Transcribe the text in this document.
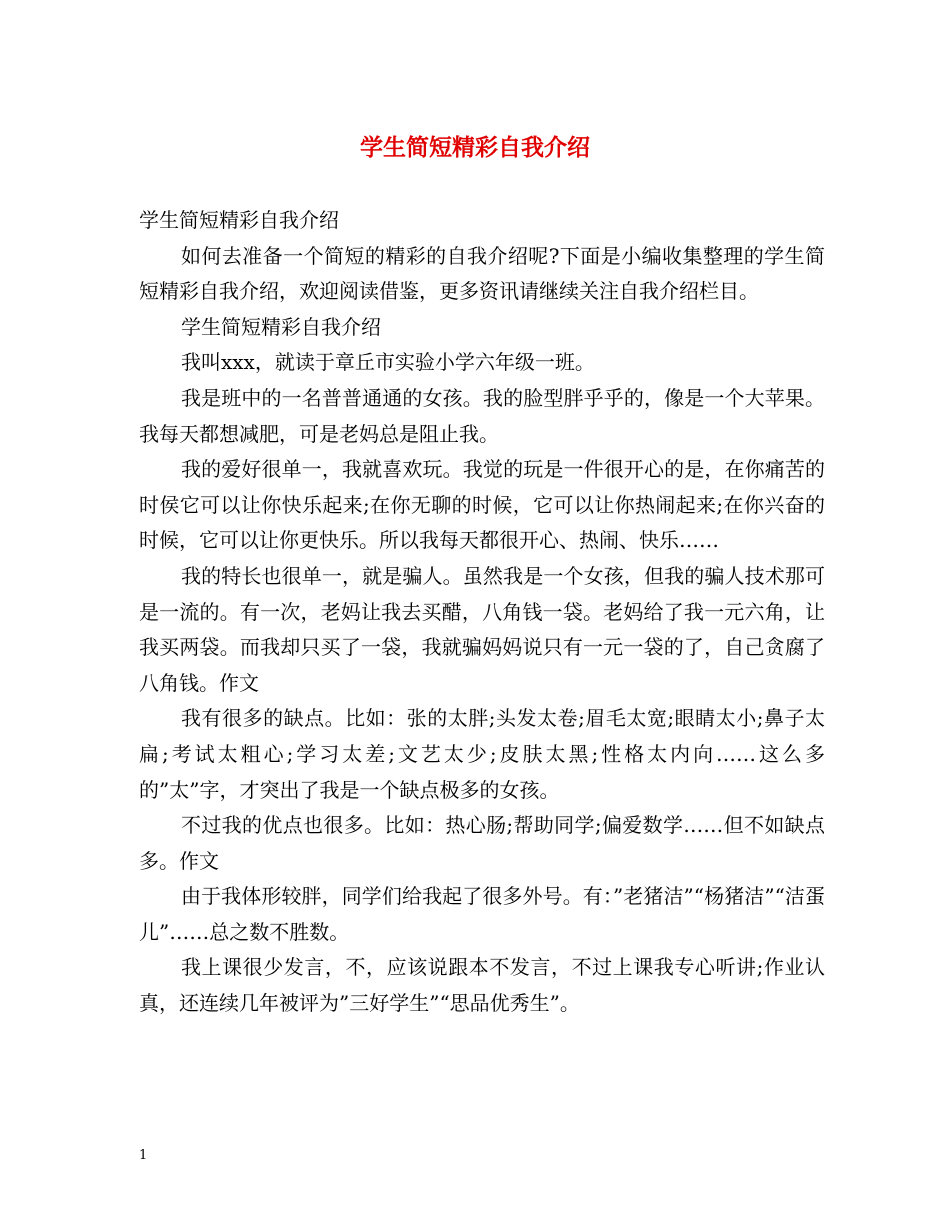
学生简短精彩自我介绍

学生简短精彩自我介绍

如何去准备一个简短的精彩的自我介绍呢?下面是小编收集整理的学生简短精彩自我介绍，欢迎阅读借鉴，更多资讯请继续关注自我介绍栏目。

学生简短精彩自我介绍

我叫xxx，就读于章丘市实验小学六年级一班。

我是班中的一名普普通通的女孩。我的脸型胖乎乎的，像是一个大苹果。我每天都想减肥，可是老妈总是阻止我。

我的爱好很单一，我就喜欢玩。我觉的玩是一件很开心的是，在你痛苦的时侯它可以让你快乐起来;在你无聊的时候，它可以让你热闹起来;在你兴奋的时候，它可以让你更快乐。所以我每天都很开心、热闹、快乐……

我的特长也很单一，就是骗人。虽然我是一个女孩，但我的骗人技术那可是一流的。有一次，老妈让我去买醋，八角钱一袋。老妈给了我一元六角，让我买两袋。而我却只买了一袋，我就骗妈妈说只有一元一袋的了，自己贪腐了八角钱。作文

我有很多的缺点。比如：张的太胖;头发太卷;眉毛太宽;眼睛太小;鼻子太扁;考试太粗心;学习太差;文艺太少;皮肤太黑;性格太内向……这么多的”太”字，才突出了我是一个缺点极多的女孩。

不过我的优点也很多。比如：热心肠;帮助同学;偏爱数学……但不如缺点多。作文

由于我体形较胖，同学们给我起了很多外号。有：”老猪洁”“杨猪洁”“洁蛋儿”……总之数不胜数。

我上课很少发言，不，应该说跟本不发言，不过上课我专心听讲;作业认真，还连续几年被评为”三好学生”“思品优秀生”。

1
